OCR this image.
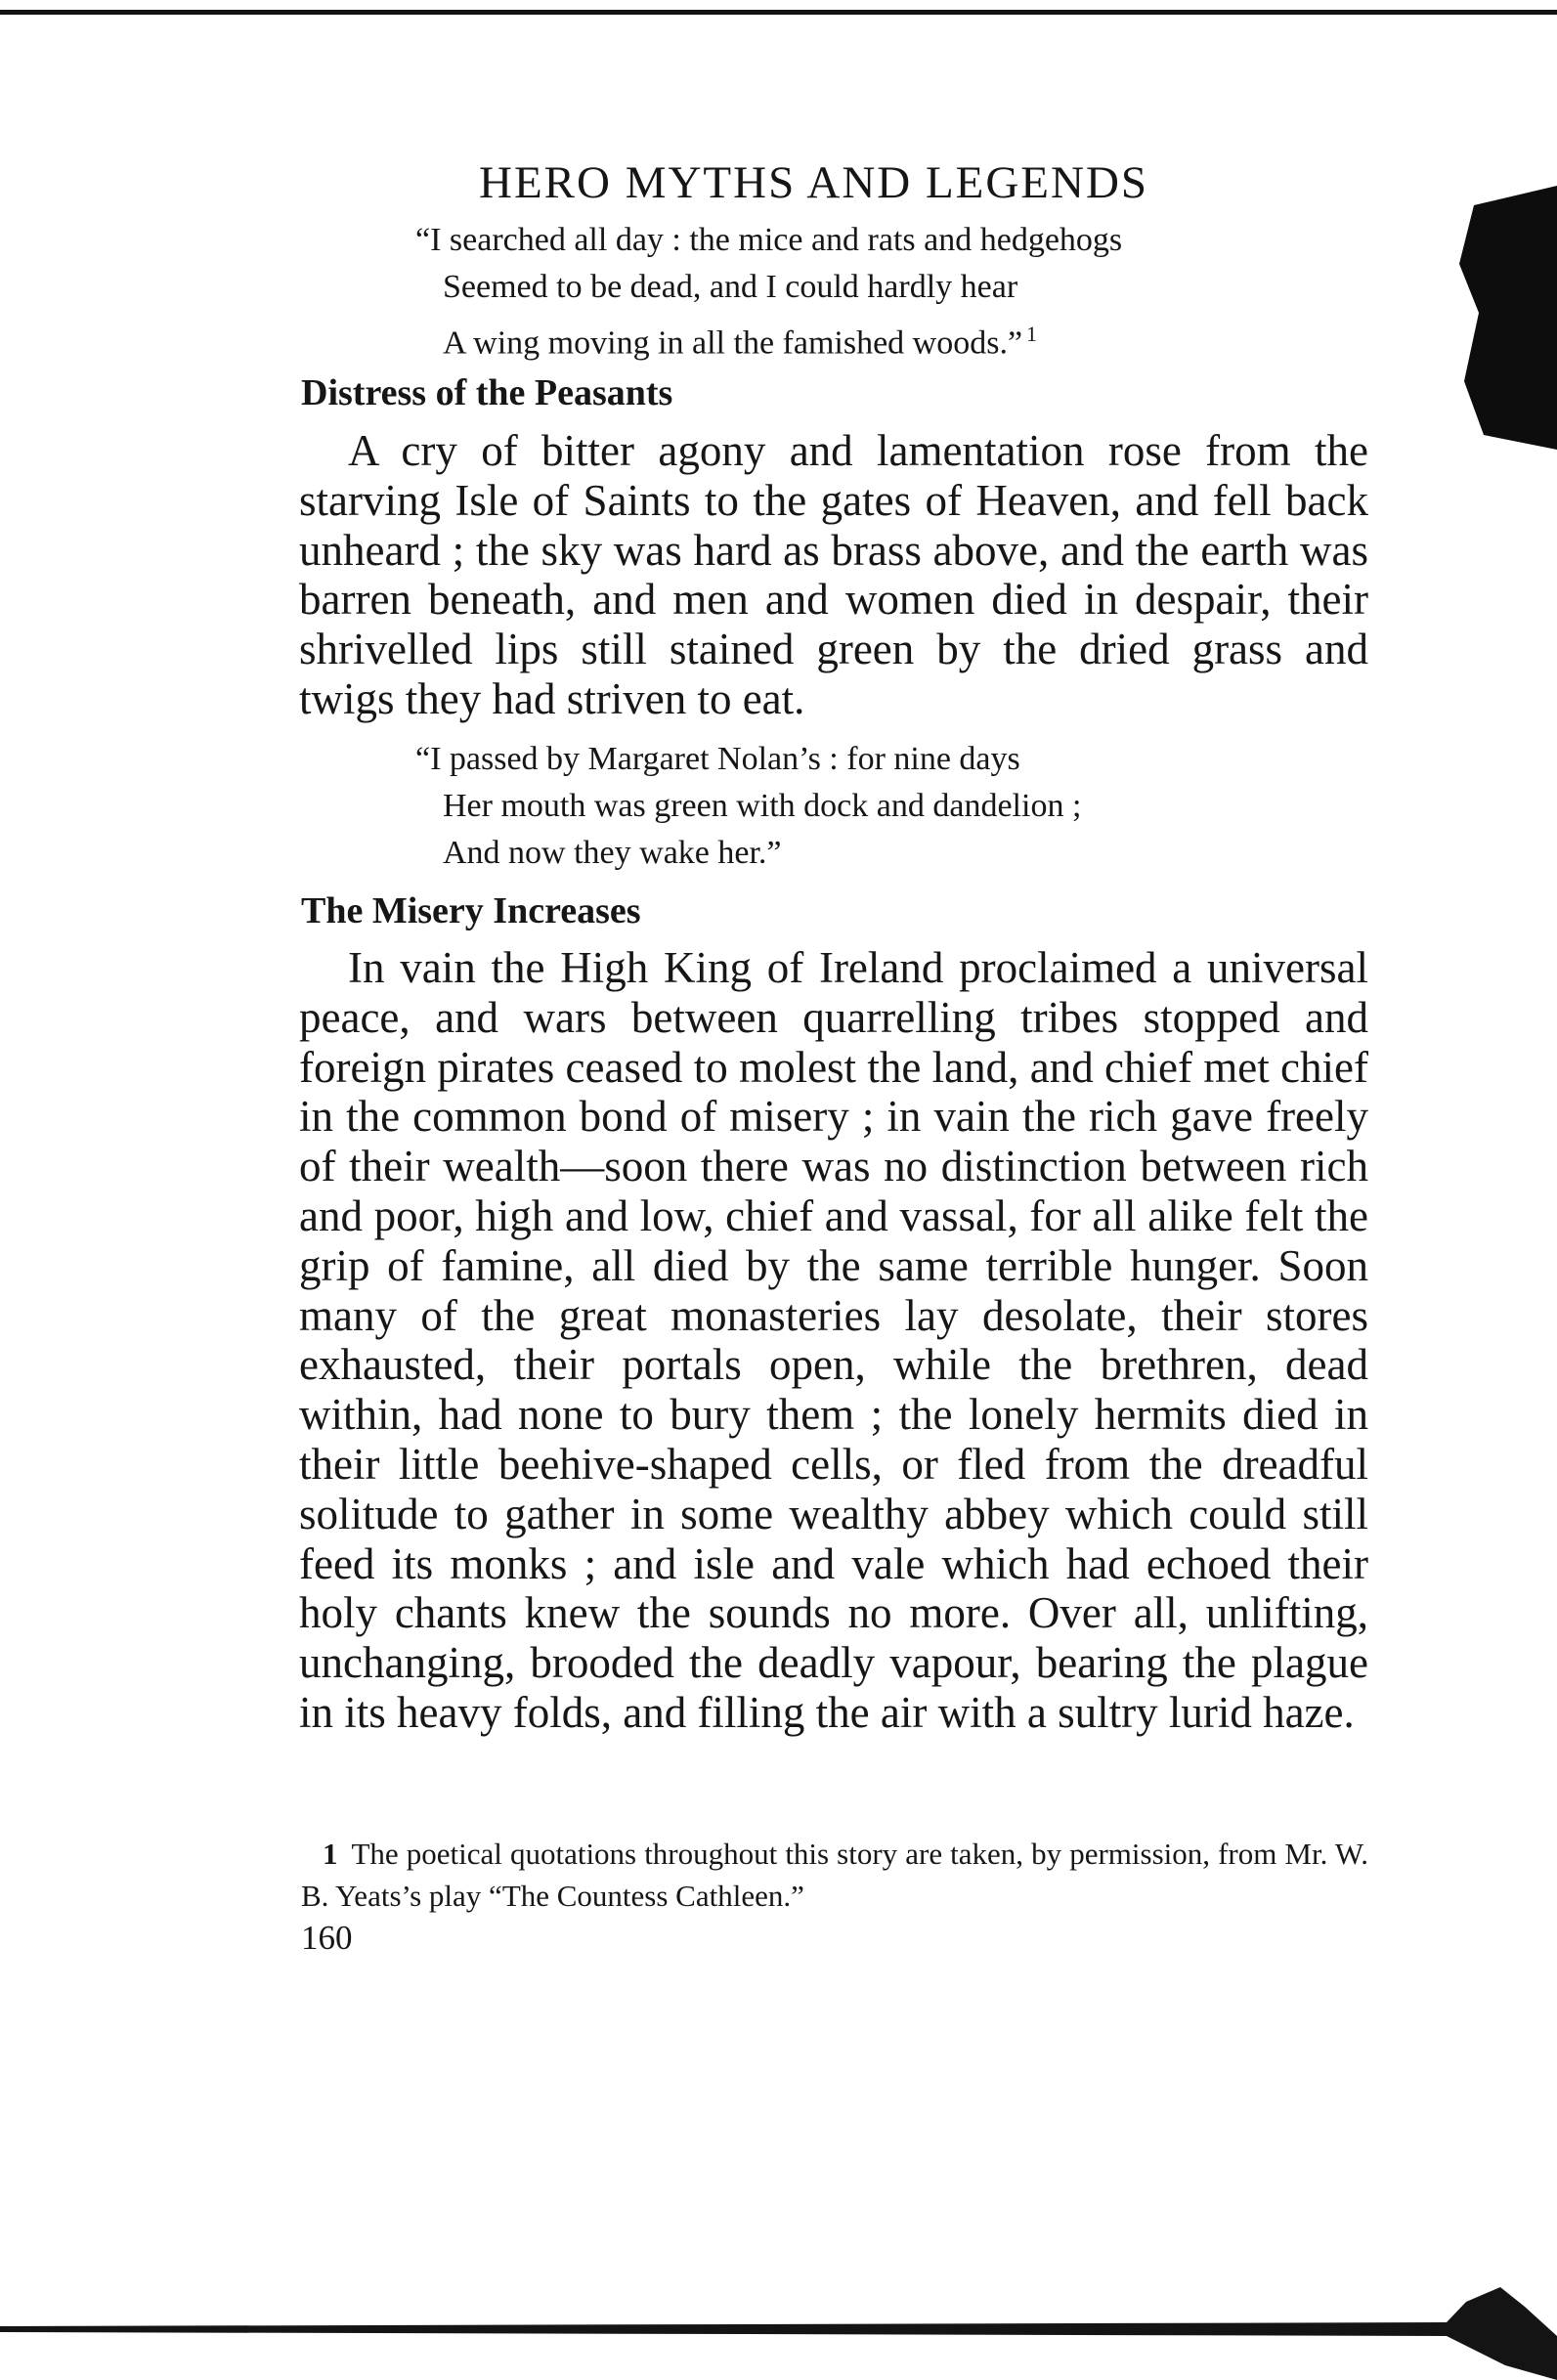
HERO MYTHS AND LEGENDS
“I searched all day : the mice and rats and hedgehogs
Seemed to be dead, and I could hardly hear
A wing moving in all the famished woods.” $^1$
Distress of the Peasants

A cry of bitter agony and lamentation rose from the starving Isle of Saints to the gates of Heaven, and fell back unheard ; the sky was hard as brass above, and the earth was barren beneath, and men and women died in despair, their shrivelled lips still stained green by the dried grass and twigs they had striven to eat.

“I passed by Margaret Nolan’s : for nine days
Her mouth was green with dock and dandelion ;
And now they wake her.”
The Misery Increases

In vain the High King of Ireland proclaimed a universal peace, and wars between quarrelling tribes stopped and foreign pirates ceased to molest the land, and chief met chief in the common bond of misery ; in vain the rich gave freely of their wealth—soon there was no distinction between rich and poor, high and low, chief and vassal, for all alike felt the grip of famine, all died by the same terrible hunger. Soon many of the great monasteries lay desolate, their stores exhausted, their portals open, while the brethren, dead within, had none to bury them ; the lonely hermits died in their little beehive-shaped cells, or fled from the dreadful solitude to gather in some wealthy abbey which could still feed its monks ; and isle and vale which had echoed their holy chants knew the sounds no more. Over all, unlifting, unchanging, brooded the deadly vapour, bearing the plague in its heavy folds, and filling the air with a sultry lurid haze.

1 The poetical quotations throughout this story are taken, by permission, from Mr. W. B. Yeats’s play “The Countess Cathleen.”

160
